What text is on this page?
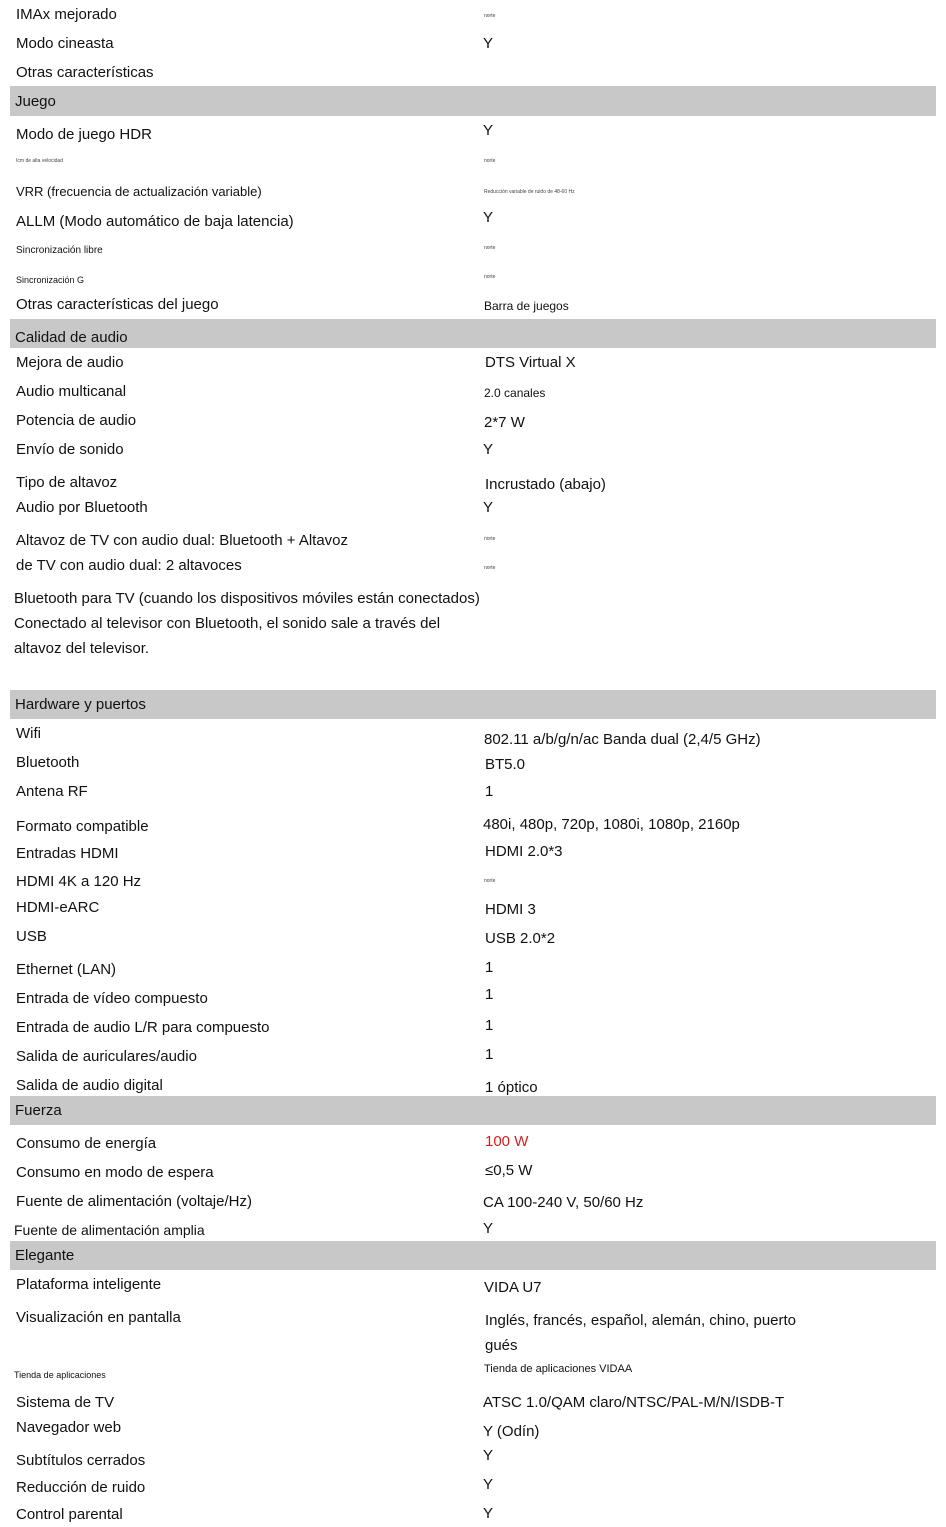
IMAx mejorado	norte
Modo cineasta	Y
Otras características
Juego
Modo de juego HDR	Y
Icm de alta velocidad	norte
VRR (frecuencia de actualización variable)	Reducción variable de ruido de 48-60 Hz
ALLM (Modo automático de baja latencia)	Y
Sincronización libre	norte
Sincronización G	norte
Otras características del juego	Barra de juegos
Calidad de audio
Mejora de audio	DTS Virtual X
Audio multicanal	2.0 canales
Potencia de audio	2*7 W
Envío de sonido	Y
Tipo de altavoz	Incrustado (abajo)
Audio por Bluetooth	Y
Altavoz de TV con audio dual: Bluetooth + Altavoz	norte
de TV con audio dual: 2 altavoces	norte
Bluetooth para TV (cuando los dispositivos móviles están conectados)
Conectado al televisor con Bluetooth, el sonido sale a través del
altavoz del televisor.
Hardware y puertos
Wifi	802.11 a/b/g/n/ac Banda dual (2,4/5 GHz)
Bluetooth	BT5.0
Antena RF	1
Formato compatible	480i, 480p, 720p, 1080i, 1080p, 2160p
Entradas HDMI	HDMI 2.0*3
HDMI 4K a 120 Hz	norte
HDMI-eARC	HDMI 3
USB	USB 2.0*2
Ethernet (LAN)	1
Entrada de vídeo compuesto	1
Entrada de audio L/R para compuesto	1
Salida de auriculares/audio	1
Salida de audio digital	1 óptico
Fuerza
Consumo de energía	100 W
Consumo en modo de espera	≤0,5 W
Fuente de alimentación (voltaje/Hz)	CA 100-240 V, 50/60 Hz
Fuente de alimentación amplia	Y
Elegante
Plataforma inteligente	VIDA U7
Visualización en pantalla	Inglés, francés, español, alemán, chino, puerto
gués
Tienda de aplicaciones	Tienda de aplicaciones VIDAA
Sistema de TV	ATSC 1.0/QAM claro/NTSC/PAL-M/N/ISDB-T
Navegador web	Y (Odín)
Subtítulos cerrados	Y
Reducción de ruido	Y
Control parental	Y
